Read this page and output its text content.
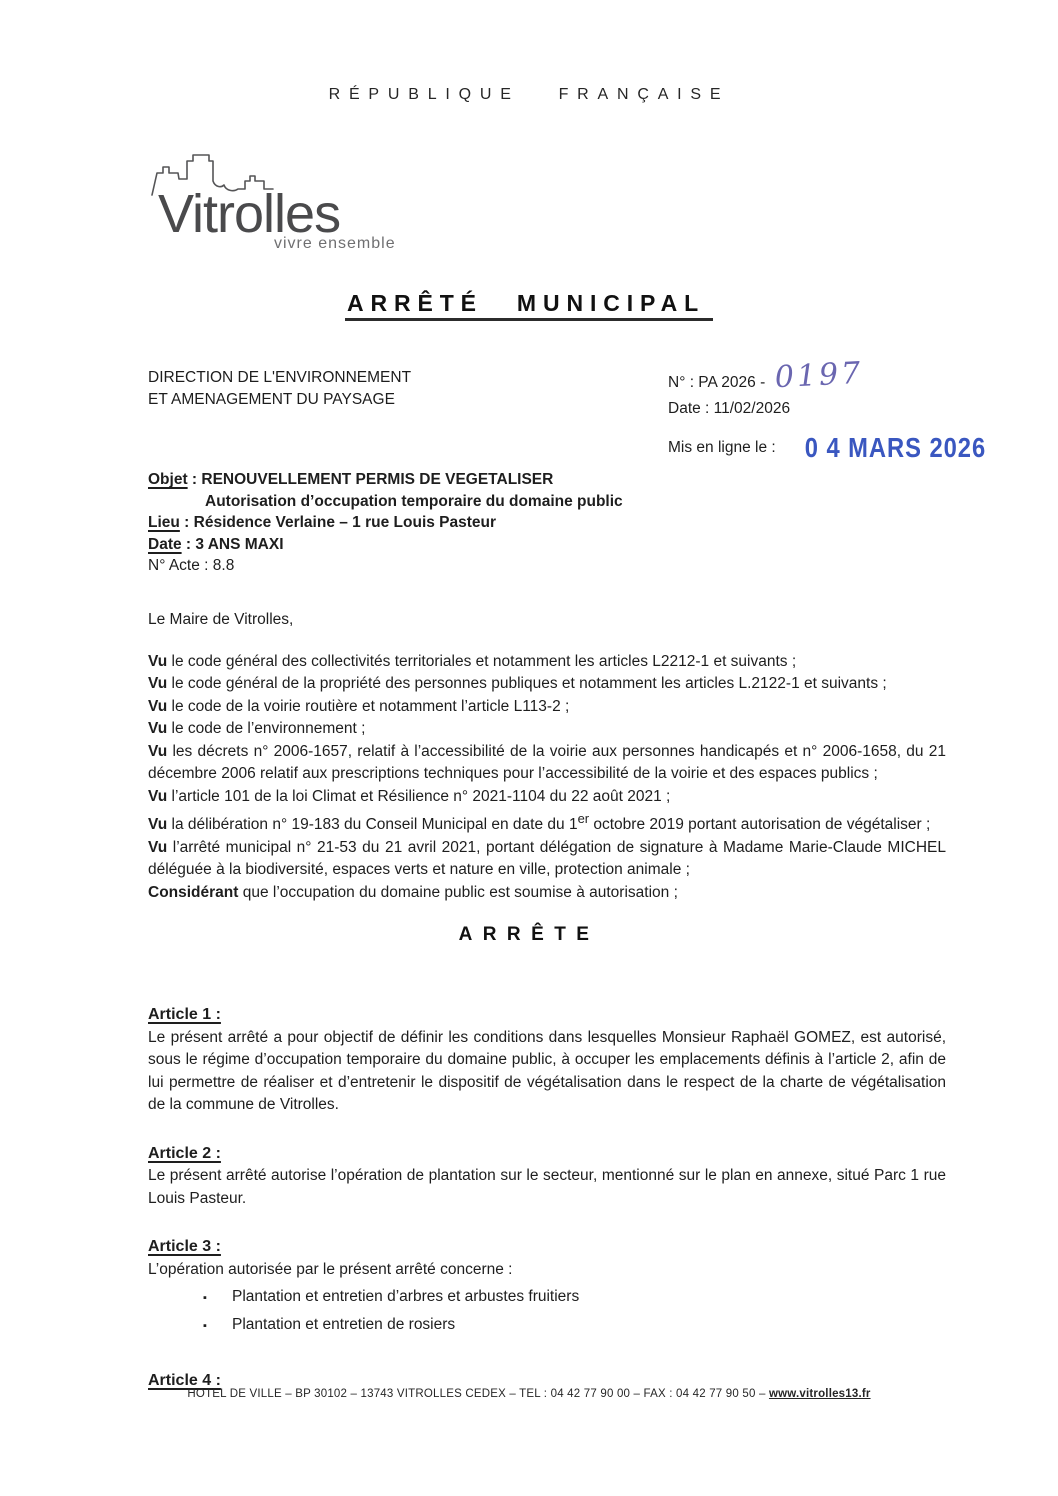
RÉPUBLIQUE FRANÇAISE
Vitrolles
vivre ensemble
ARRÊTÉ MUNICIPAL
DIRECTION DE L'ENVIRONNEMENT
ET AMENAGEMENT DU PAYSAGE
N° : PA 2026 - 0197
Date : 11/02/2026
Mis en ligne le : 0 4 MARS 2026
Objet : RENOUVELLEMENT PERMIS DE VEGETALISER
Autorisation d’occupation temporaire du domaine public
Lieu : Résidence Verlaine – 1 rue Louis Pasteur
Date : 3 ANS MAXI
N° Acte : 8.8
Le Maire de Vitrolles,

Vu le code général des collectivités territoriales et notamment les articles L2212-1 et suivants ;

Vu le code général de la propriété des personnes publiques et notamment les articles L.2122-1 et suivants ;

Vu le code de la voirie routière et notamment l’article L113-2 ;

Vu le code de l’environnement ;

Vu les décrets n° 2006-1657, relatif à l’accessibilité de la voirie aux personnes handicapés et n° 2006-1658, du 21 décembre 2006 relatif aux prescriptions techniques pour l’accessibilité de la voirie et des espaces publics ;

Vu l’article 101 de la loi Climat et Résilience n° 2021-1104 du 22 août 2021 ;

Vu la délibération n° 19-183 du Conseil Municipal en date du 1er octobre 2019 portant autorisation de végétaliser ;

Vu l’arrêté municipal n° 21-53 du 21 avril 2021, portant délégation de signature à Madame Marie-Claude MICHEL déléguée à la biodiversité, espaces verts et nature en ville, protection animale ;

Considérant que l’occupation du domaine public est soumise à autorisation ;

ARRÊTE

Article 1 :

Le présent arrêté a pour objectif de définir les conditions dans lesquelles Monsieur Raphaël GOMEZ, est autorisé, sous le régime d’occupation temporaire du domaine public, à occuper les emplacements définis à l’article 2, afin de lui permettre de réaliser et d’entretenir le dispositif de végétalisation dans le respect de la charte de végétalisation de la commune de Vitrolles.

Article 2 :

Le présent arrêté autorise l’opération de plantation sur le secteur, mentionné sur le plan en annexe, situé Parc 1 rue Louis Pasteur.

Article 3 :

L’opération autorisée par le présent arrêté concerne :

▪ Plantation et entretien d’arbres et arbustes fruitiers
▪ Plantation et entretien de rosiers

Article 4 :

HOTEL DE VILLE – BP 30102 – 13743 VITROLLES CEDEX – TEL : 04 42 77 90 00 – FAX : 04 42 77 90 50 – www.vitrolles13.fr
